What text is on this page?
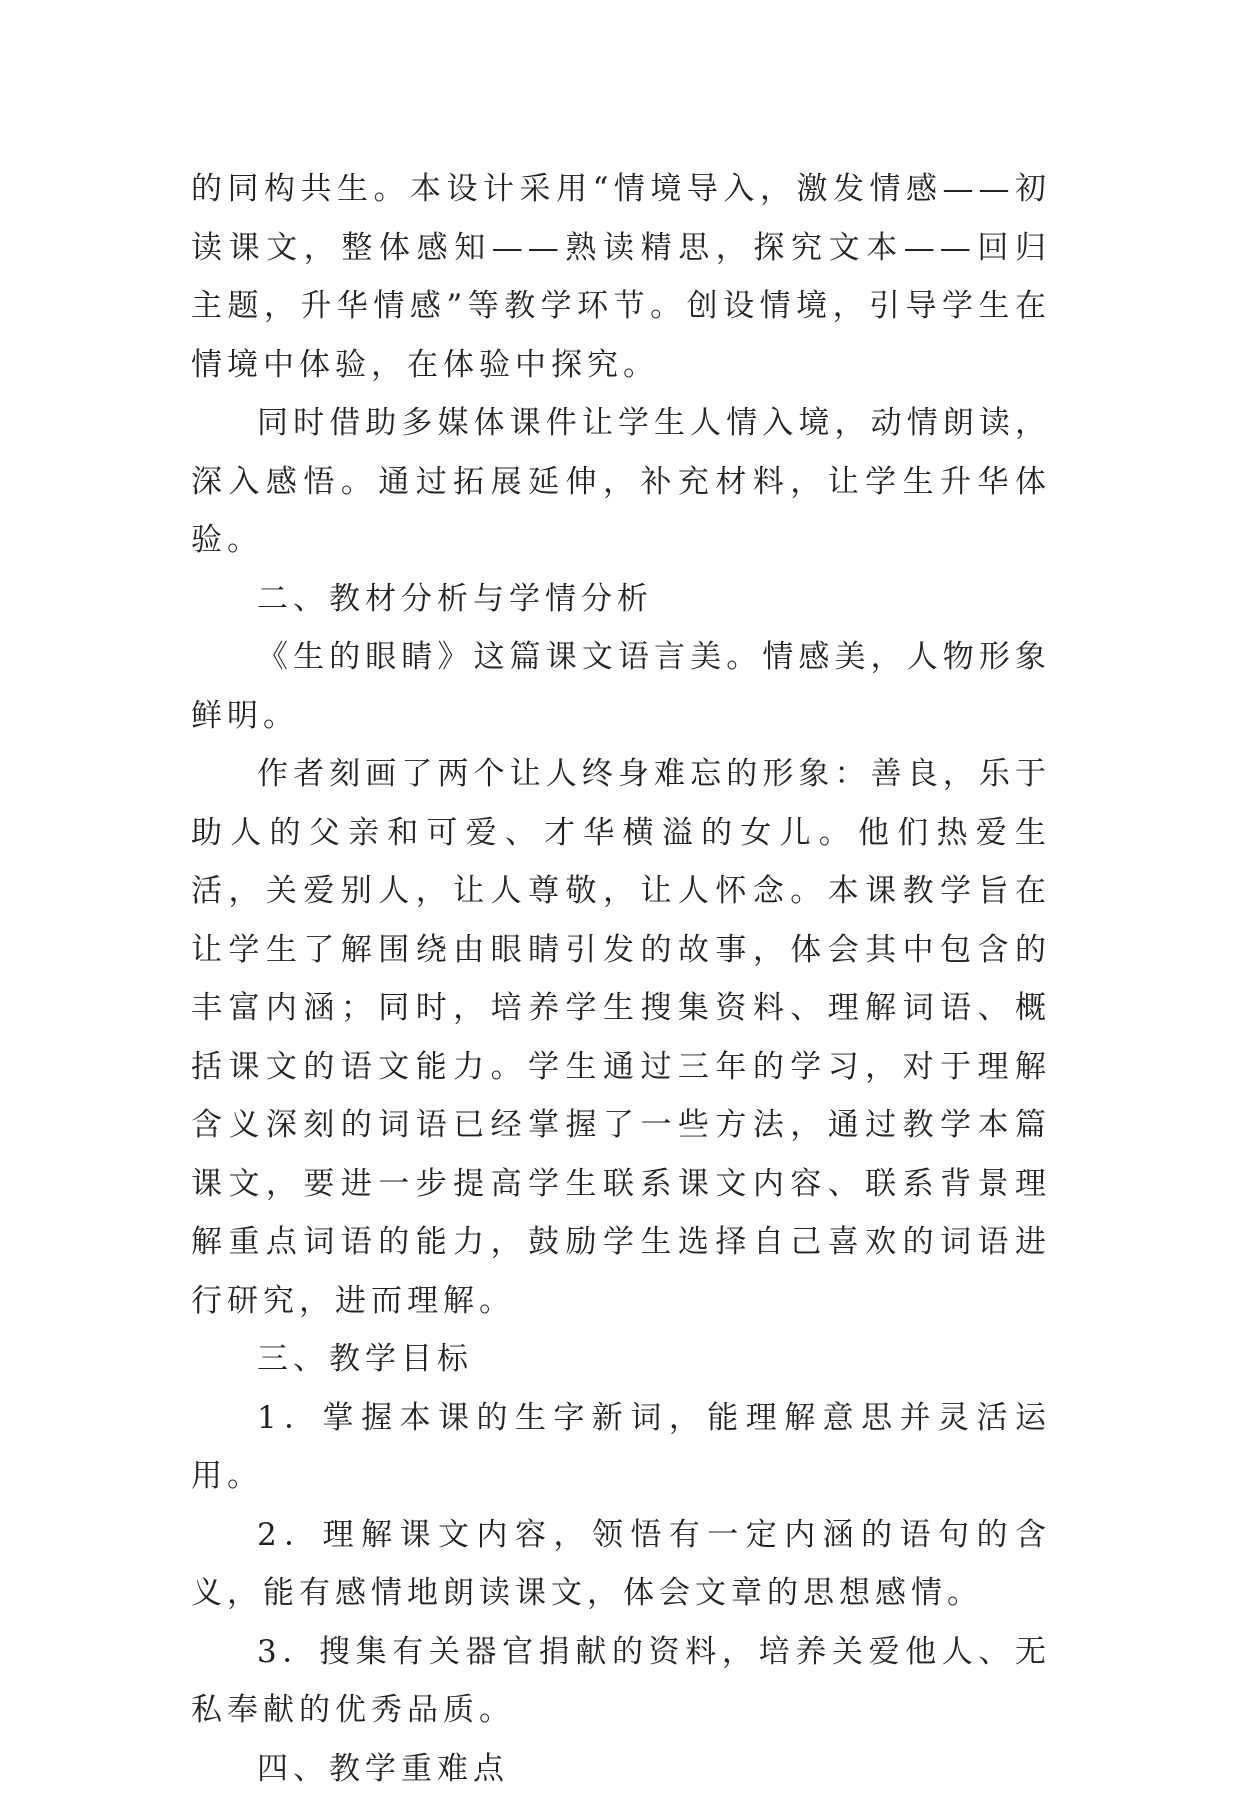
的同构共生。本设计采用“情境导入，激发情感——初读课文，整体感知——熟读精思，探究文本——回归主题，升华情感”等教学环节。创设情境，引导学生在情境中体验，在体验中探究。

同时借助多媒体课件让学生人情入境，动情朗读，深入感悟。通过拓展延伸，补充材料，让学生升华体验。

二、教材分析与学情分析

《生的眼睛》这篇课文语言美。情感美，人物形象鲜明。

作者刻画了两个让人终身难忘的形象：善良，乐于助人的父亲和可爱、才华横溢的女儿。他们热爱生活，关爱别人，让人尊敬，让人怀念。本课教学旨在让学生了解围绕由眼睛引发的故事，体会其中包含的丰富内涵；同时，培养学生搜集资料、理解词语、概括课文的语文能力。学生通过三年的学习，对于理解含义深刻的词语已经掌握了一些方法，通过教学本篇课文，要进一步提高学生联系课文内容、联系背景理解重点词语的能力，鼓励学生选择自己喜欢的词语进行研究，进而理解。

三、教学目标

1．掌握本课的生字新词，能理解意思并灵活运用。

2．理解课文内容，领悟有一定内涵的语句的含义，能有感情地朗读课文，体会文章的思想感情。

3．搜集有关器官捐献的资料，培养关爱他人、无私奉献的优秀品质。

四、教学重难点
